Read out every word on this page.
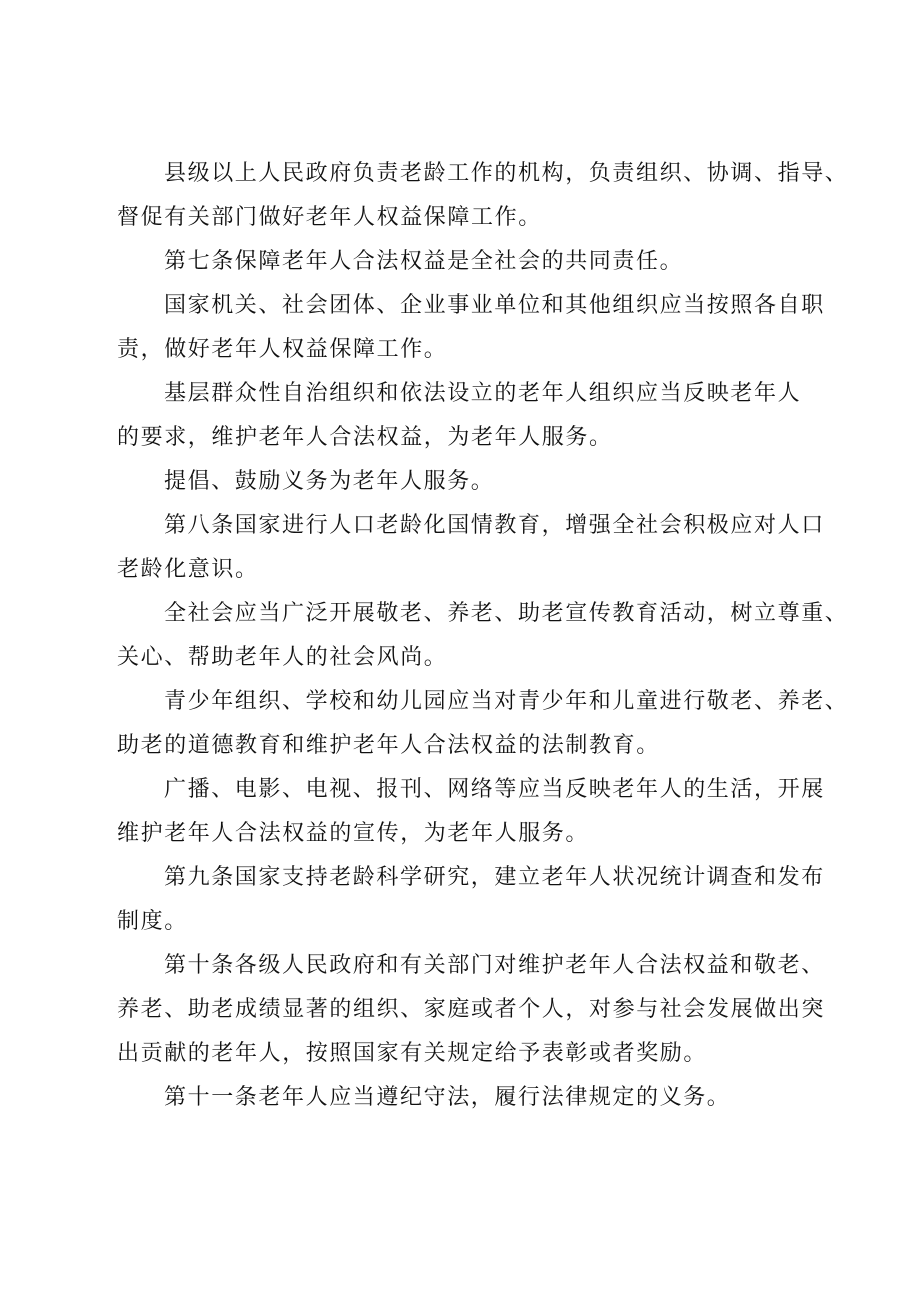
县级以上人民政府负责老龄工作的机构，负责组织、协调、指导、
督促有关部门做好老年人权益保障工作。

第七条保障老年人合法权益是全社会的共同责任。

国家机关、社会团体、企业事业单位和其他组织应当按照各自职
责，做好老年人权益保障工作。

基层群众性自治组织和依法设立的老年人组织应当反映老年人
的要求，维护老年人合法权益，为老年人服务。

提倡、鼓励义务为老年人服务。

第八条国家进行人口老龄化国情教育，增强全社会积极应对人口
老龄化意识。

全社会应当广泛开展敬老、养老、助老宣传教育活动，树立尊重、
关心、帮助老年人的社会风尚。

青少年组织、学校和幼儿园应当对青少年和儿童进行敬老、养老、
助老的道德教育和维护老年人合法权益的法制教育。

广播、电影、电视、报刊、网络等应当反映老年人的生活，开展
维护老年人合法权益的宣传，为老年人服务。

第九条国家支持老龄科学研究，建立老年人状况统计调查和发布
制度。

第十条各级人民政府和有关部门对维护老年人合法权益和敬老、
养老、助老成绩显著的组织、家庭或者个人，对参与社会发展做出突
出贡献的老年人，按照国家有关规定给予表彰或者奖励。

第十一条老年人应当遵纪守法，履行法律规定的义务。
